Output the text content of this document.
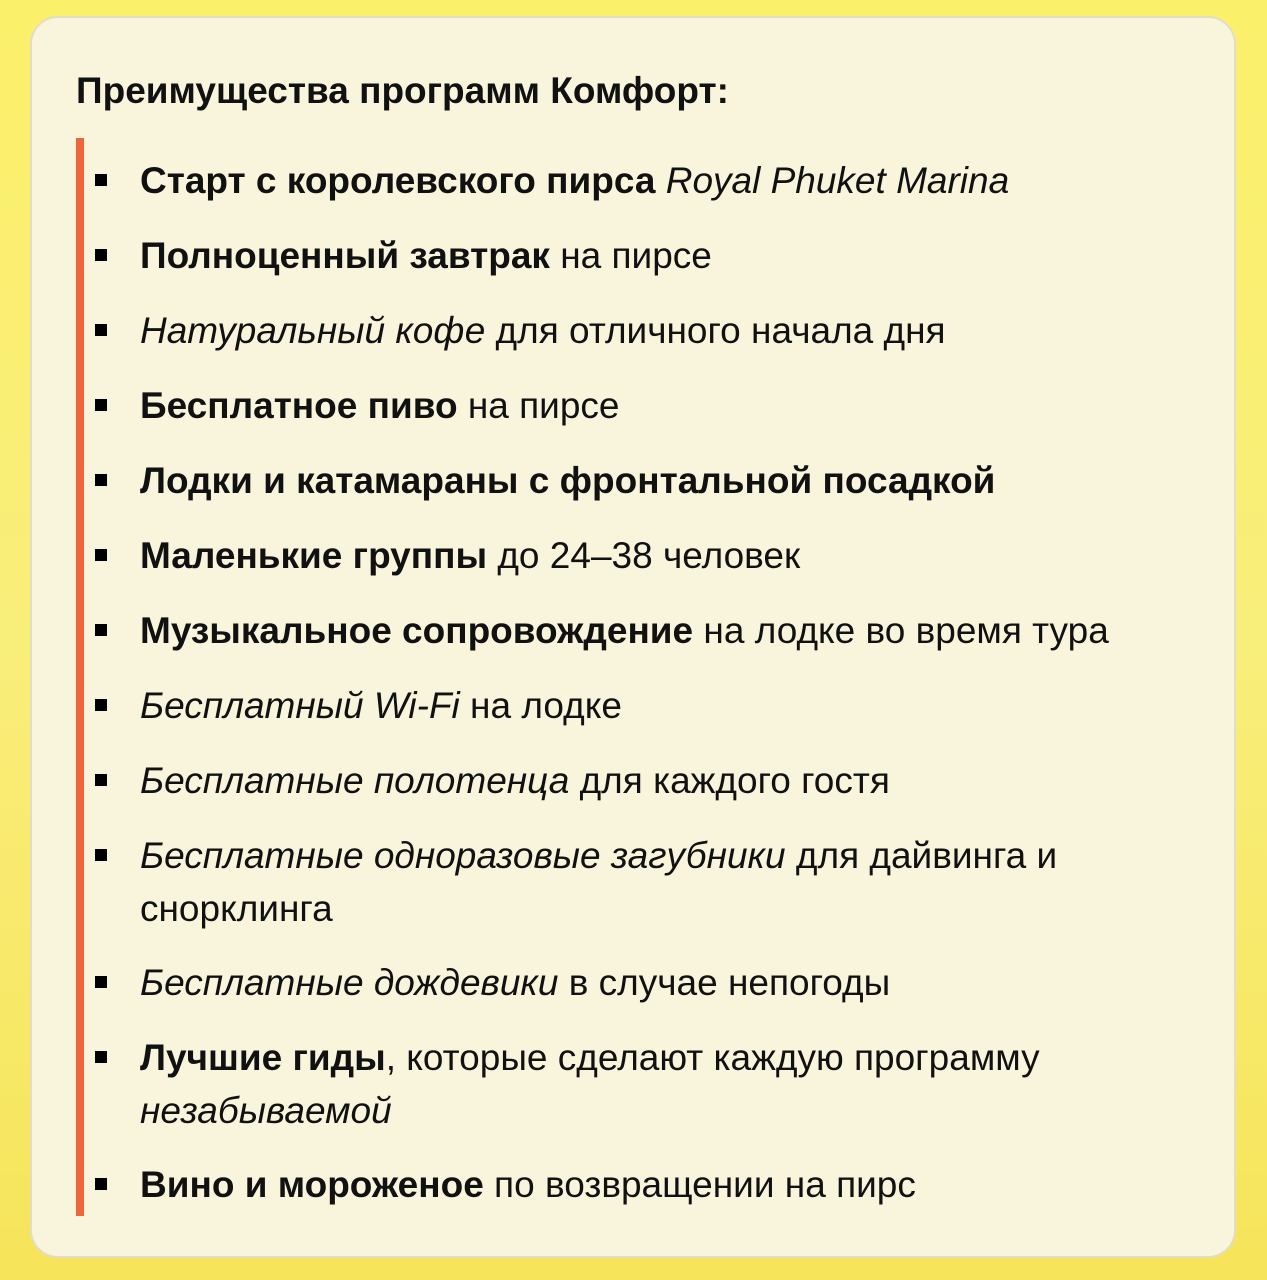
Преимущества программ Комфорт:
Старт с королевского пирса Royal Phuket Marina
Полноценный завтрак на пирсе
Натуральный кофе для отличного начала дня
Бесплатное пиво на пирсе
Лодки и катамараны с фронтальной посадкой
Маленькие группы до 24–38 человек
Музыкальное сопровождение на лодке во время тура
Бесплатный Wi-Fi на лодке
Бесплатные полотенца для каждого гостя
Бесплатные одноразовые загубники для дайвинга и снорклинга
Бесплатные дождевики в случае непогоды
Лучшие гиды, которые сделают каждую программу незабываемой
Вино и мороженое по возвращении на пирс
